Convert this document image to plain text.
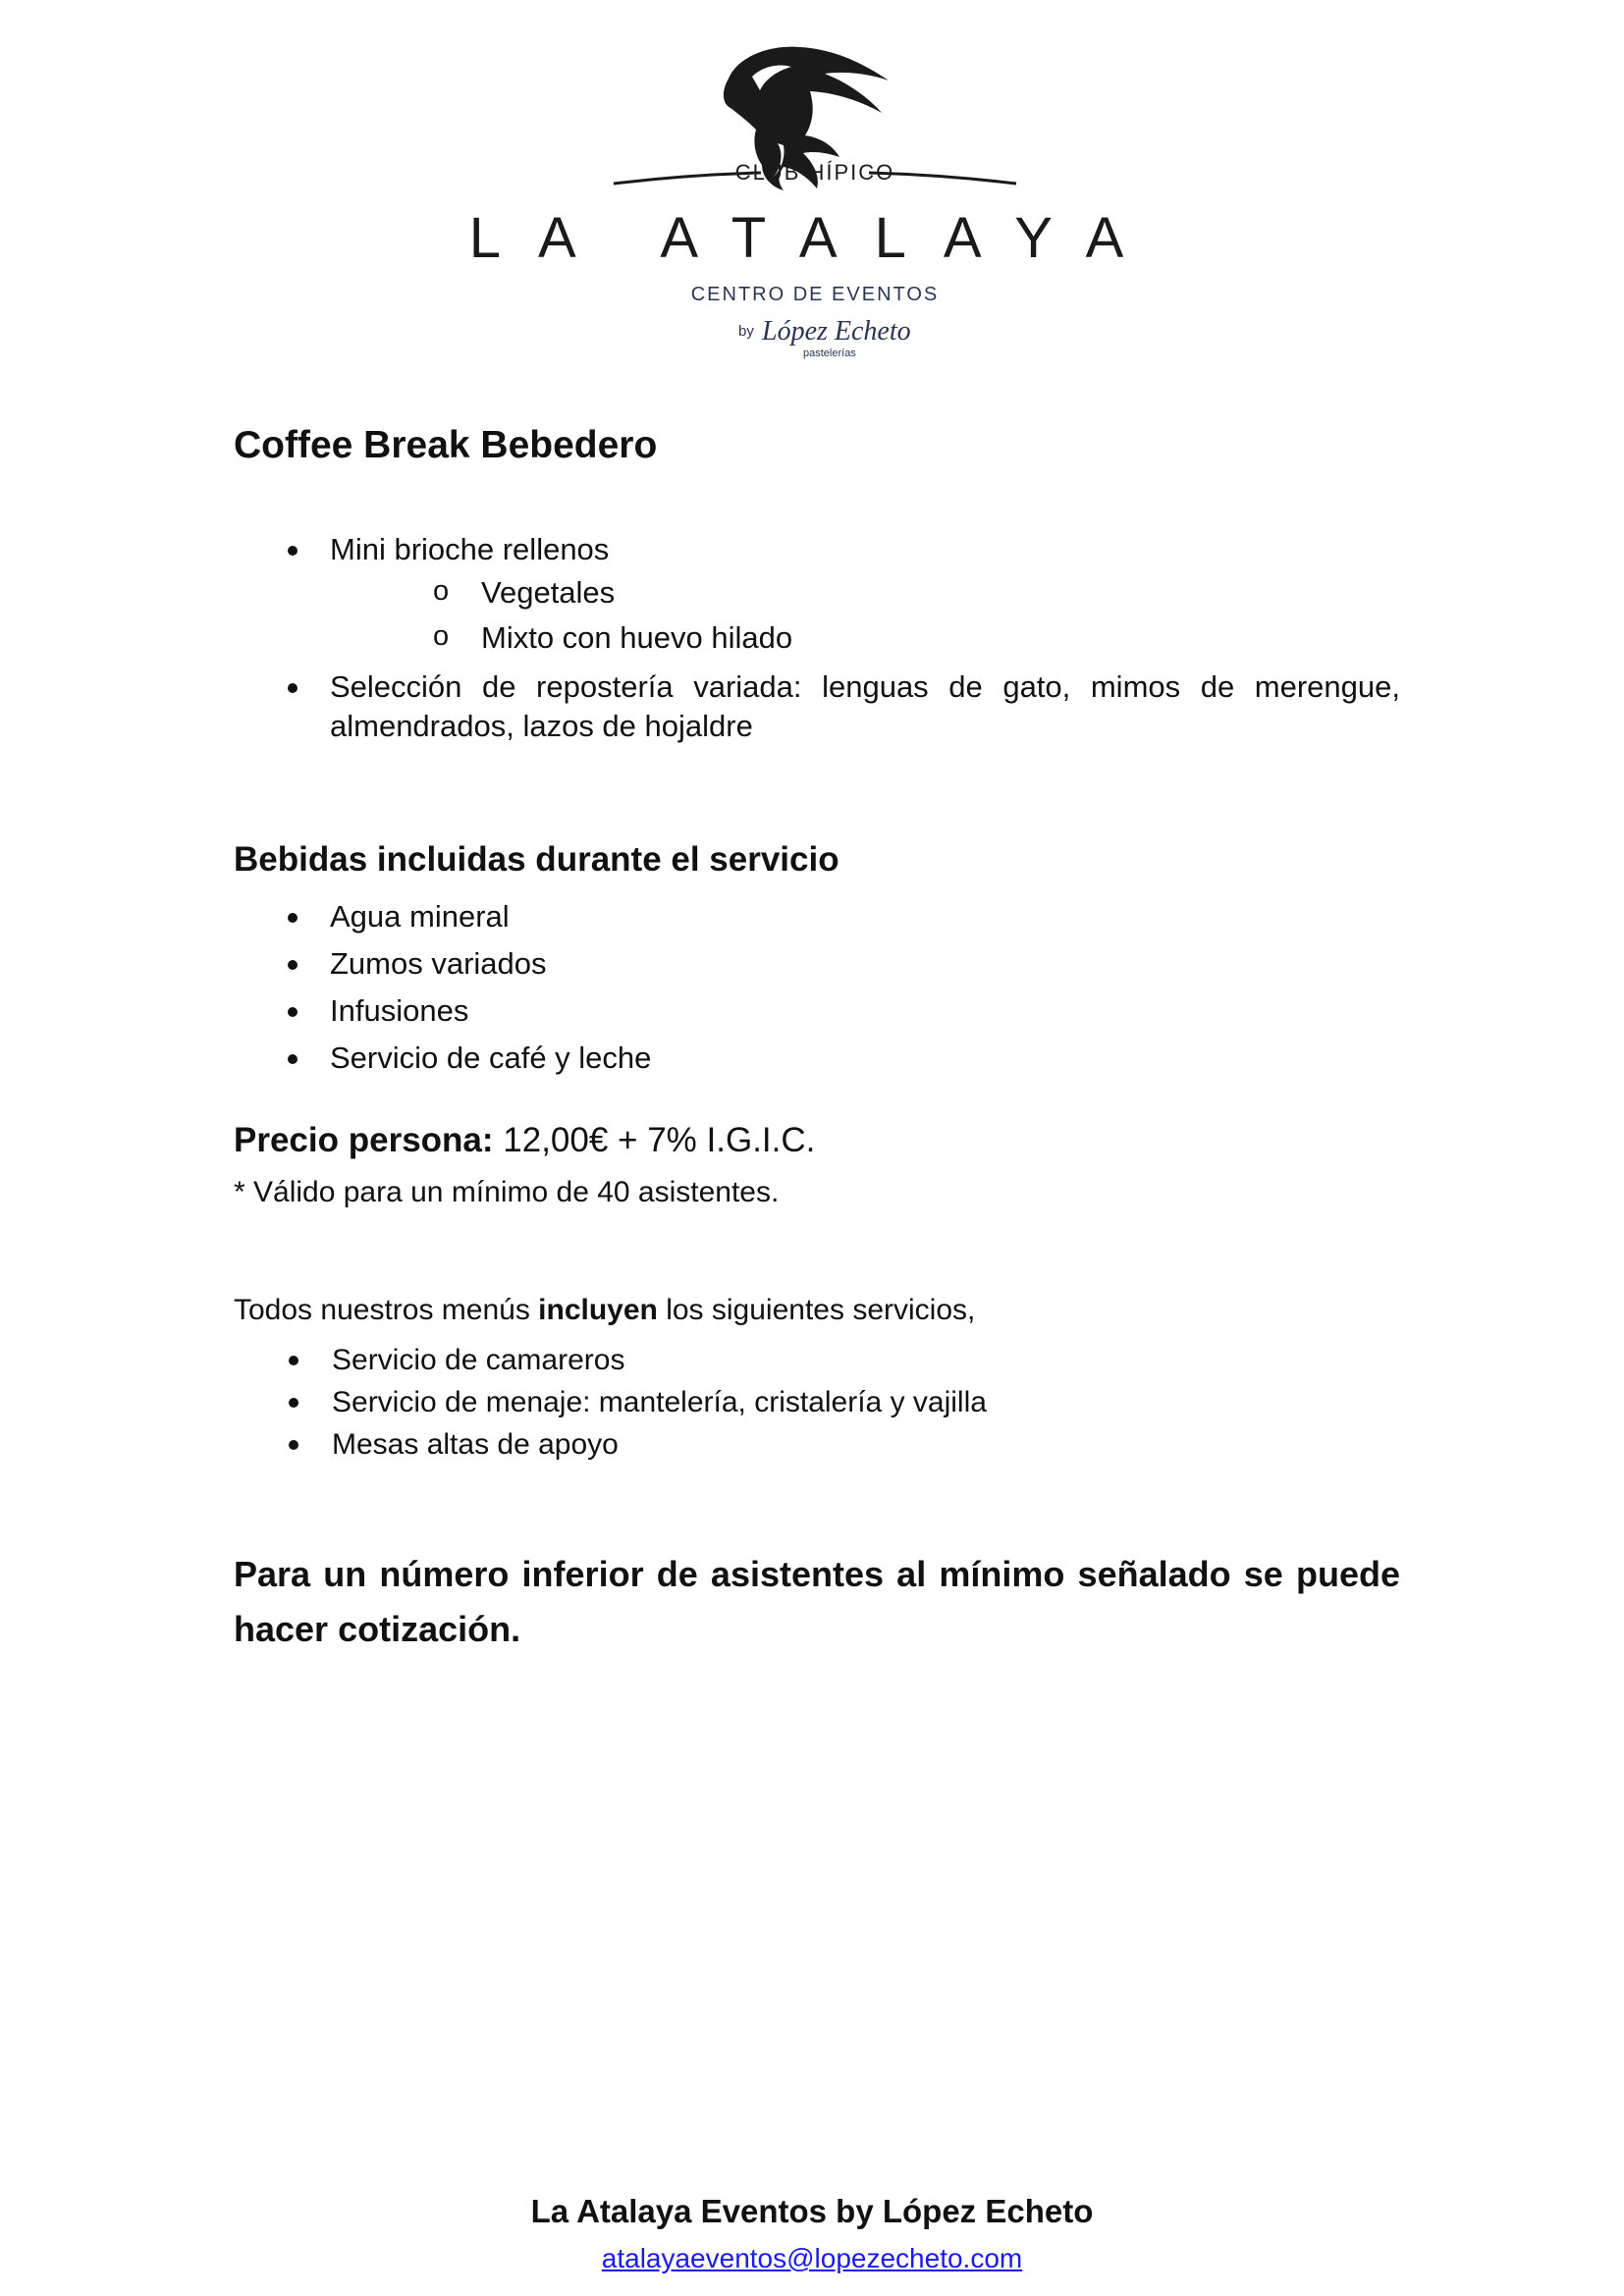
CLUB HÍPICO
LA ATALAYA
CENTRO DE EVENTOS
by López Echeto
pastelerías
Coffee Break Bebedero
Mini brioche rellenos
o Vegetales
o Mixto con huevo hilado
Selección de repostería variada: lenguas de gato, mimos de merengue, almendrados, lazos de hojaldre
Bebidas incluidas durante el servicio
Agua mineral
Zumos variados
Infusiones
Servicio de café y leche
Precio persona: 12,00€ + 7% I.G.I.C.
* Válido para un mínimo de 40 asistentes.
Todos nuestros menús incluyen los siguientes servicios,
Servicio de camareros
Servicio de menaje: mantelería, cristalería y vajilla
Mesas altas de apoyo
Para un número inferior de asistentes al mínimo señalado se puede hacer cotización.
La Atalaya Eventos by López Echeto
atalayaeventos@lopezecheto.com
